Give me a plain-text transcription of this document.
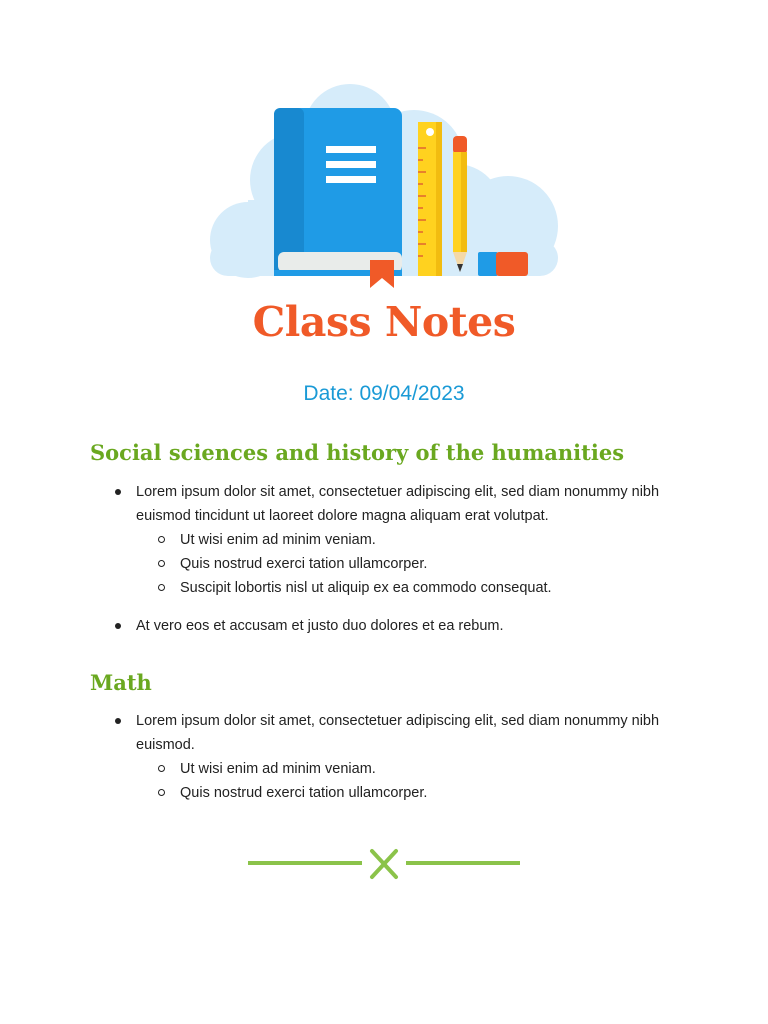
Class Notes
Date: 09/04/2023
Social sciences and history of the humanities
Lorem ipsum dolor sit amet, consectetuer adipiscing elit, sed diam nonummy nibh euismod tincidunt ut laoreet dolore magna aliquam erat volutpat.
Ut wisi enim ad minim veniam.
Quis nostrud exerci tation ullamcorper.
Suscipit lobortis nisl ut aliquip ex ea commodo consequat.
At vero eos et accusam et justo duo dolores et ea rebum.
Math
Lorem ipsum dolor sit amet, consectetuer adipiscing elit, sed diam nonummy nibh euismod.
Ut wisi enim ad minim veniam.
Quis nostrud exerci tation ullamcorper.
